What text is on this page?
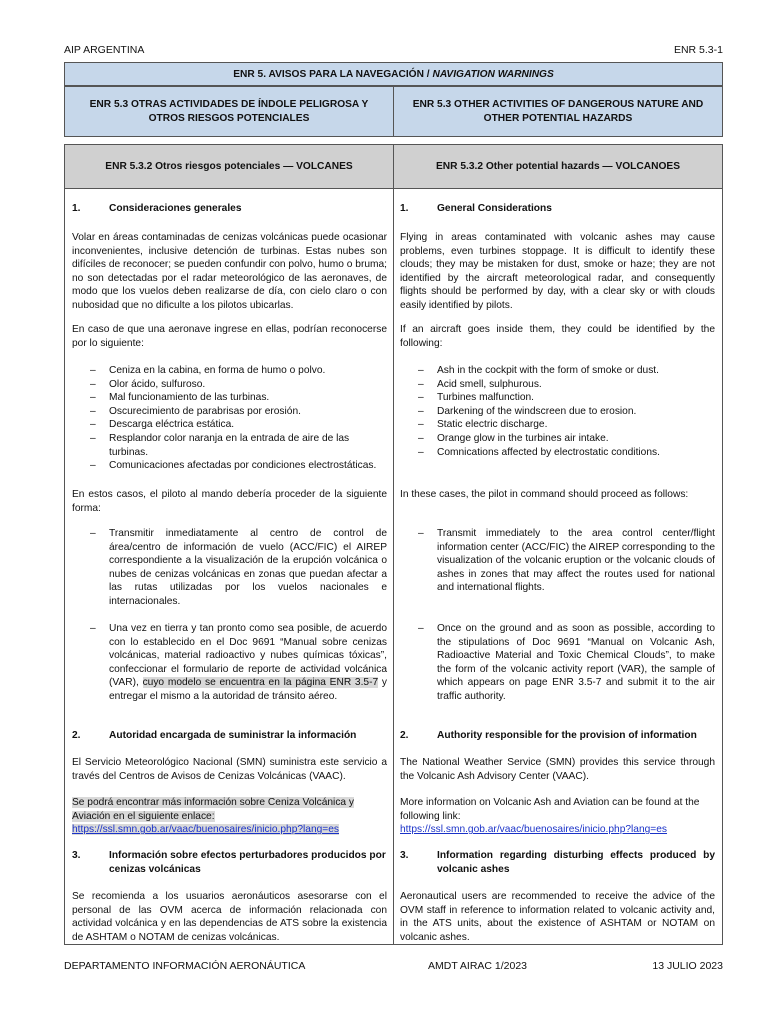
AIP ARGENTINA	ENR 5.3-1
ENR 5. AVISOS PARA LA NAVEGACIÓN / NAVIGATION WARNINGS
ENR 5.3 OTRAS ACTIVIDADES DE ÍNDOLE PELIGROSA Y OTROS RIESGOS POTENCIALES
ENR 5.3 OTHER ACTIVITIES OF DANGEROUS NATURE AND OTHER POTENTIAL HAZARDS
ENR 5.3.2 Otros riesgos potenciales — VOLCANES	ENR 5.3.2 Other potential hazards — VOLCANOES
1.	Consideraciones generales
Volar en áreas contaminadas de cenizas volcánicas puede ocasionar inconvenientes, inclusive detención de turbinas. Estas nubes son difíciles de reconocer; se pueden confundir con polvo, humo o bruma; no son detectadas por el radar meteorológico de las aeronaves, de modo que los vuelos deben realizarse de día, con cielo claro o con nubosidad que no dificulte a los pilotos ubicarlas.
En caso de que una aeronave ingrese en ellas, podrían reconocerse por lo siguiente:
– Ceniza en la cabina, en forma de humo o polvo.
– Olor ácido, sulfuroso.
– Mal funcionamiento de las turbinas.
– Oscurecimiento de parabrisas por erosión.
– Descarga eléctrica estática.
– Resplandor color naranja en la entrada de aire de las turbinas.
– Comunicaciones afectadas por condiciones electrostáticas.
En estos casos, el piloto al mando debería proceder de la siguiente forma:
– Transmitir inmediatamente al centro de control de área/centro de información de vuelo (ACC/FIC) el AIREP correspondiente a la visualización de la erupción volcánica o nubes de cenizas volcánicas en zonas que puedan afectar a las rutas utilizadas por los vuelos nacionales e internacionales.
– Una vez en tierra y tan pronto como sea posible, de acuerdo con lo establecido en el Doc 9691 “Manual sobre cenizas volcánicas, material radioactivo y nubes químicas tóxicas”, confeccionar el formulario de reporte de actividad volcánica (VAR), cuyo modelo se encuentra en la página ENR 3.5-7 y entregar el mismo a la autoridad de tránsito aéreo.
2.	Autoridad encargada de suministrar la información
El Servicio Meteorológico Nacional (SMN) suministra este servicio a través del Centros de Avisos de Cenizas Volcánicas (VAAC).
Se podrá encontrar más información sobre Ceniza Volcánica y Aviación en el siguiente enlace:
https://ssl.smn.gob.ar/vaac/buenosaires/inicio.php?lang=es
3.	Información sobre efectos perturbadores producidos por cenizas volcánicas
Se recomienda a los usuarios aeronáuticos asesorarse con el personal de las OVM acerca de información relacionada con actividad volcánica y en las dependencias de ATS sobre la existencia de ASHTAM o NOTAM de cenizas volcánicas.
1.	General Considerations
Flying in areas contaminated with volcanic ashes may cause problems, even turbines stoppage. It is difficult to identify these clouds; they may be mistaken for dust, smoke or haze; they are not identified by the aircraft meteorological radar, and consequently flights should be performed by day, with a clear sky or with clouds easily identified by pilots.
If an aircraft goes inside them, they could be identified by the following:
– Ash in the cockpit with the form of smoke or dust.
– Acid smell, sulphurous.
– Turbines malfunction.
– Darkening of the windscreen due to erosion.
– Static electric discharge.
– Orange glow in the turbines air intake.
– Comnications affected by electrostatic conditions.
In these cases, the pilot in command should proceed as follows:
– Transmit immediately to the area control center/flight information center (ACC/FIC) the AIREP corresponding to the visualization of the volcanic eruption or the volcanic clouds of ashes in zones that may affect the routes used for national and international flights.
– Once on the ground and as soon as possible, according to the stipulations of Doc 9691 “Manual on Volcanic Ash, Radioactive Material and Toxic Chemical Clouds”, to make the form of the volcanic activity report (VAR), the sample of which appears on page ENR 3.5-7 and submit it to the air traffic authority.
2.	Authority responsible for the provision of information
The National Weather Service (SMN) provides this service through the Volcanic Ash Advisory Center (VAAC).
More information on Volcanic Ash and Aviation can be found at the following link:
https://ssl.smn.gob.ar/vaac/buenosaires/inicio.php?lang=es
3.	Information regarding disturbing effects produced by volcanic ashes
Aeronautical users are recommended to receive the advice of the OVM staff in reference to information related to volcanic activity and, in the ATS units, about the existence of ASHTAM or NOTAM on volcanic ashes.
DEPARTAMENTO INFORMACIÓN AERONÁUTICA	AMDT AIRAC 1/2023	13 JULIO 2023
